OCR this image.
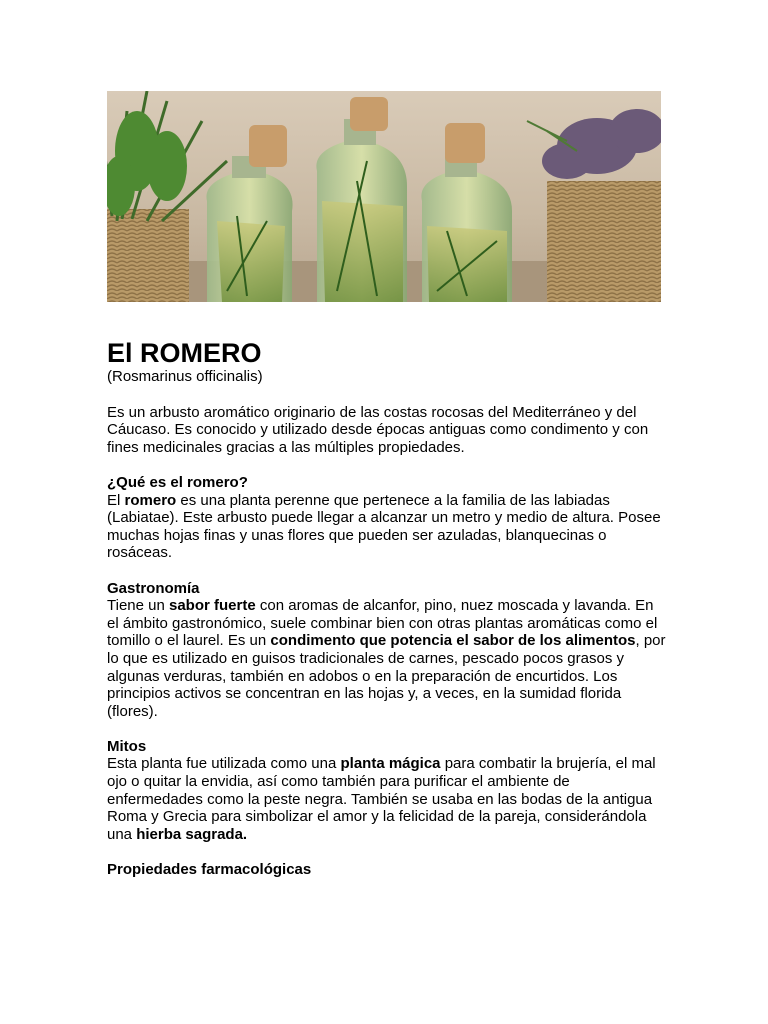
El ROMERO
(Rosmarinus officinalis)

Es un arbusto aromático originario de las costas rocosas del Mediterráneo y del Cáucaso. Es conocido y utilizado desde épocas antiguas como condimento y con fines medicinales gracias a las múltiples propiedades.

¿Qué es el romero?

El romero es una planta perenne que pertenece a la familia de las labiadas (Labiatae). Este arbusto puede llegar a alcanzar un metro y medio de altura. Posee muchas hojas finas y unas flores que pueden ser azuladas, blanquecinas o rosáceas.

Gastronomía

Tiene un sabor fuerte con aromas de alcanfor, pino, nuez moscada y lavanda. En el ámbito gastronómico, suele combinar bien con otras plantas aromáticas como el tomillo o el laurel. Es un condimento que potencia el sabor de los alimentos, por lo que es utilizado en guisos tradicionales de carnes, pescado pocos grasos y algunas verduras, también en adobos o en la preparación de encurtidos. Los principios activos se concentran en las hojas y, a veces, en la sumidad florida (flores).

Mitos

Esta planta fue utilizada como una planta mágica para combatir la brujería, el mal ojo o quitar la envidia, así como también para purificar el ambiente de enfermedades como la peste negra. También se usaba en las bodas de la antigua Roma y Grecia para simbolizar el amor y la felicidad de la pareja, considerándola una hierba sagrada.

Propiedades farmacológicas
